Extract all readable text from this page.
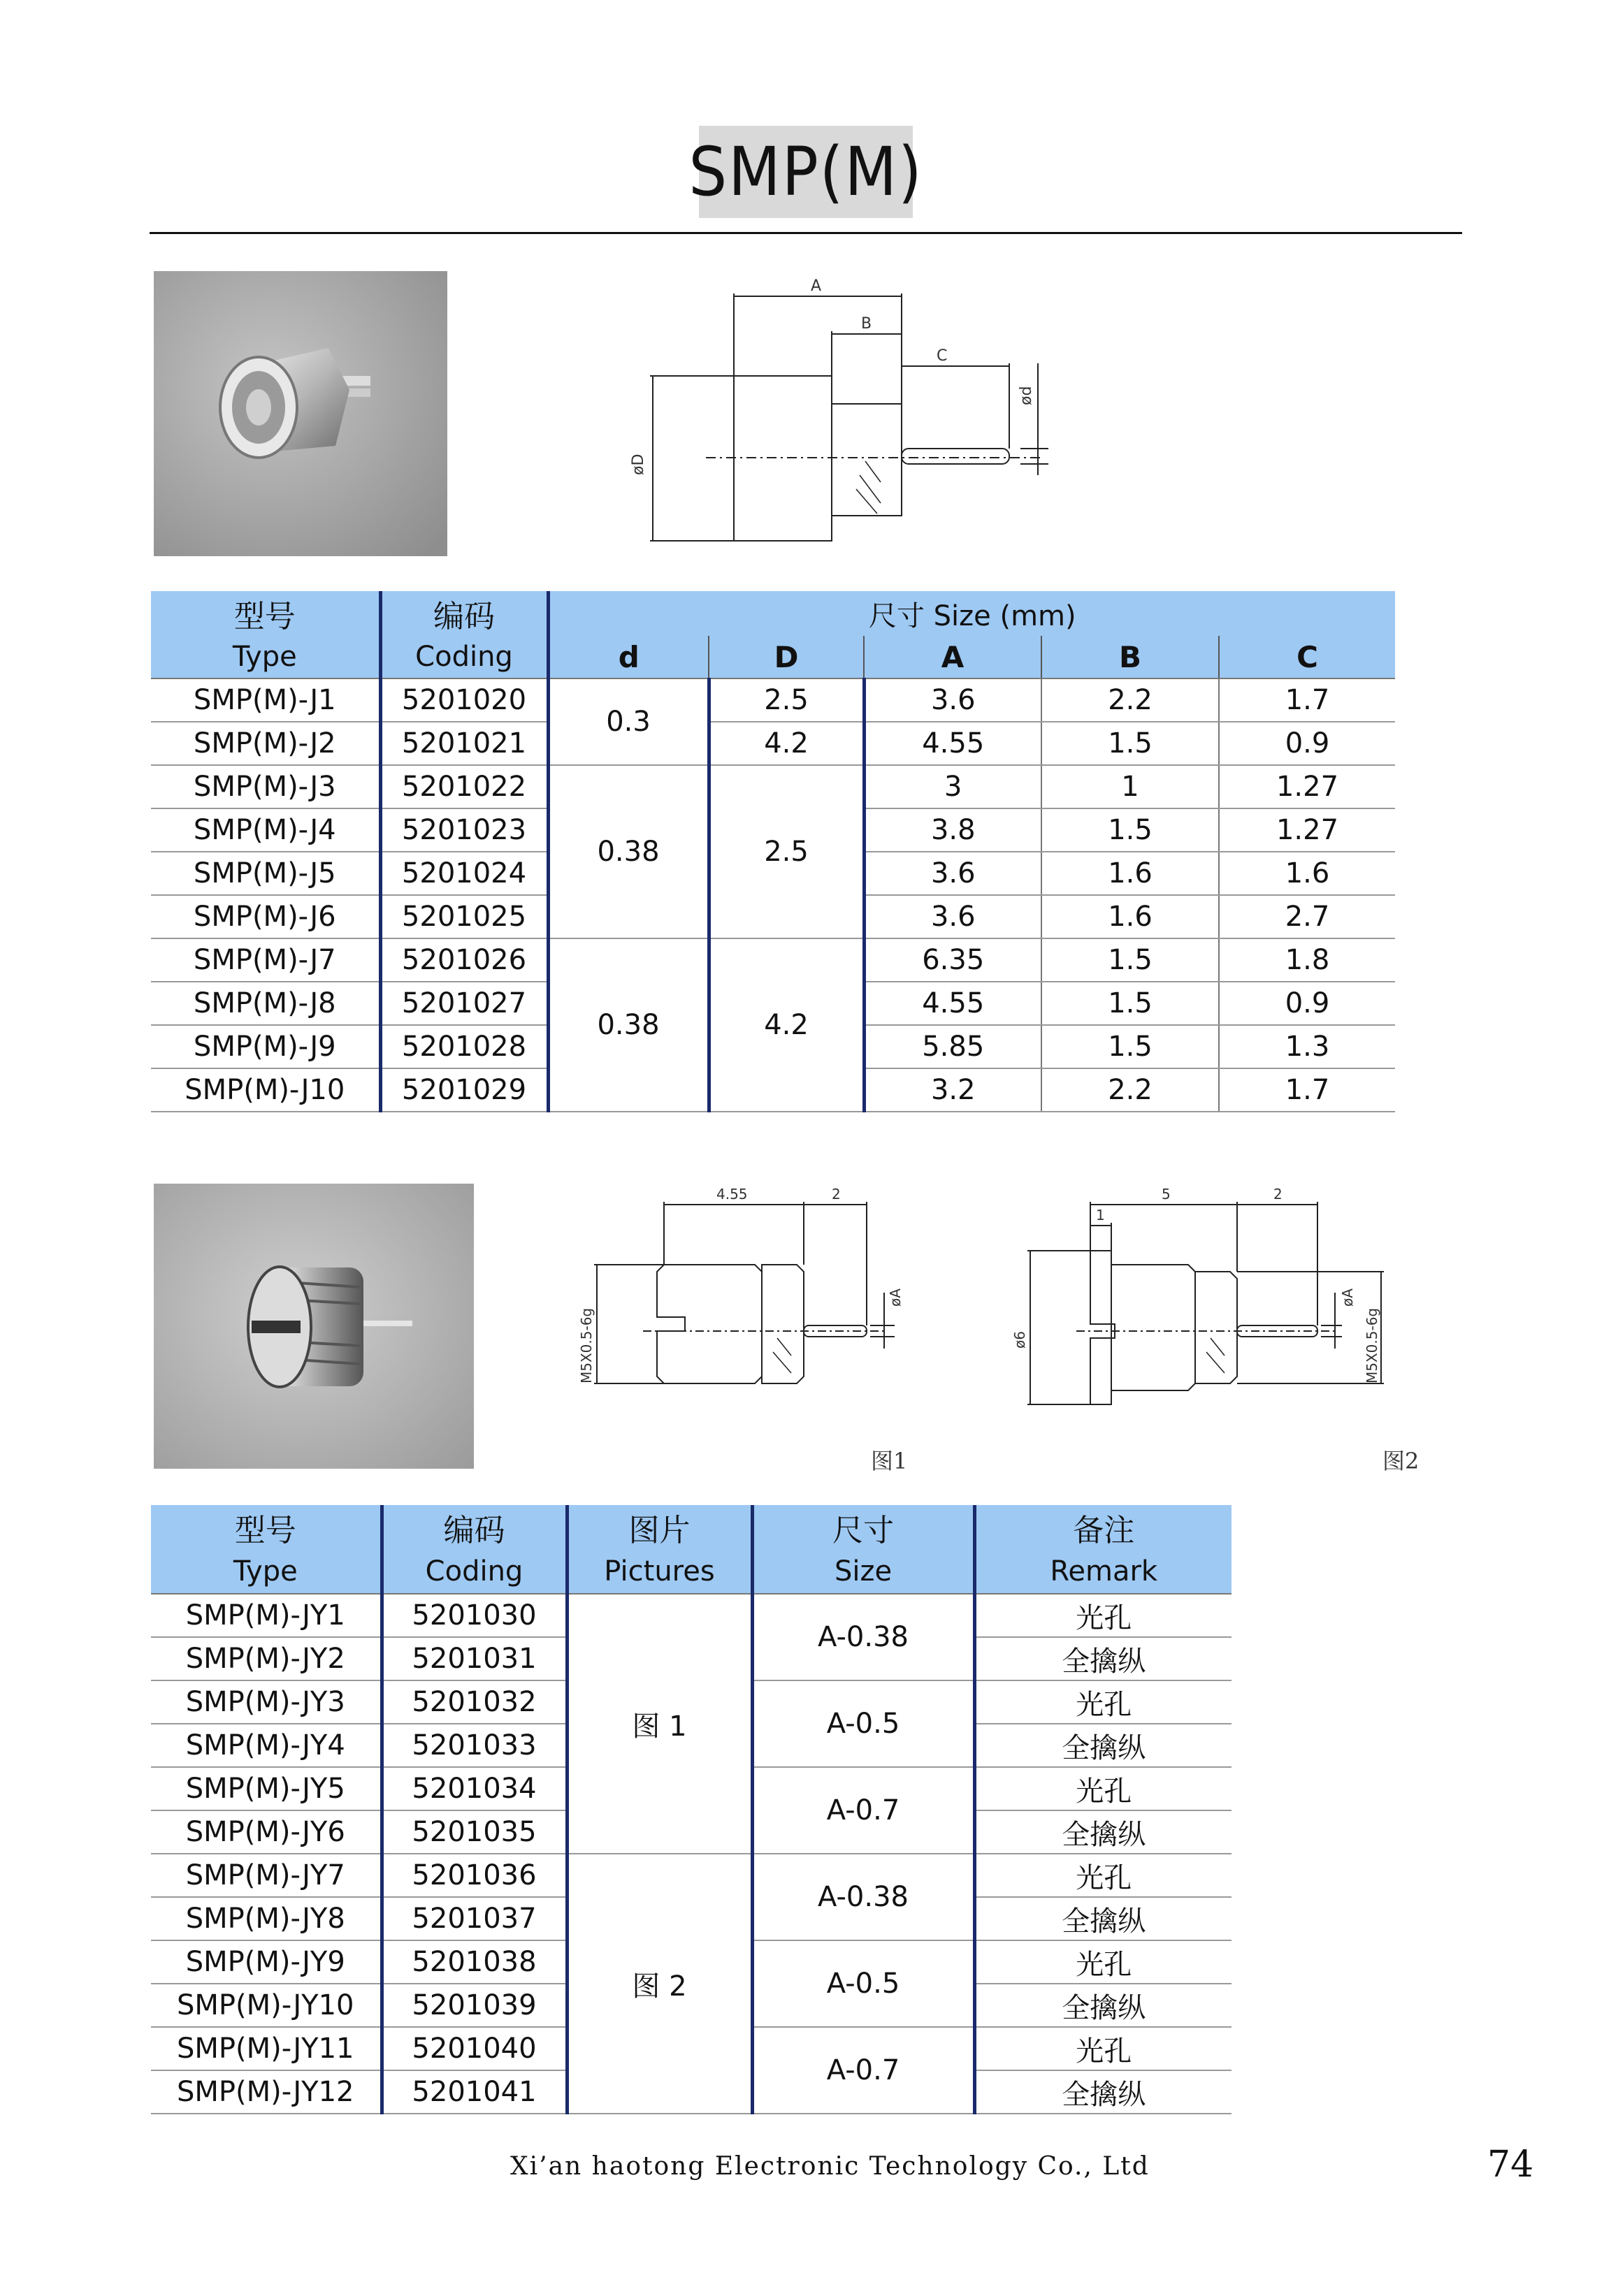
SMP(M)
A
B
C
ød
øD
型号	编码	尺寸 Size (mm)				
Type	Coding	d	D	A	B	C
SMP(M)-J1	5201020	0.3	2.5	3.6	2.2	1.7
SMP(M)-J2	5201021		4.2	4.55	1.5	0.9
SMP(M)-J3	5201022	0.38	2.5	3	1	1.27
SMP(M)-J4	5201023			3.8	1.5	1.27
SMP(M)-J5	5201024			3.6	1.6	1.6
SMP(M)-J6	5201025			3.6	1.6	2.7
SMP(M)-J7	5201026	0.38	4.2	6.35	1.5	1.8
SMP(M)-J8	5201027			4.55	1.5	0.9
SMP(M)-J9	5201028			5.85	1.5	1.3
SMP(M)-J10	5201029			3.2	2.2	1.7
4.55	2
M5X0.5-6g
øA
图1
5	2
1
ø6	M5X0.5-6g
øA
图2
型号	编码	图片	尺寸	备注
Type	Coding	Pictures	Size	Remark
SMP(M)-JY1	5201030	图 1	A-0.38	光孔
SMP(M)-JY2	5201031			全擒纵
SMP(M)-JY3	5201032		A-0.5	光孔
SMP(M)-JY4	5201033			全擒纵
SMP(M)-JY5	5201034		A-0.7	光孔
SMP(M)-JY6	5201035			全擒纵
SMP(M)-JY7	5201036	图 2	A-0.38	光孔
SMP(M)-JY8	5201037			全擒纵
SMP(M)-JY9	5201038		A-0.5	光孔
SMP(M)-JY10	5201039			全擒纵
SMP(M)-JY11	5201040		A-0.7	光孔
SMP(M)-JY12	5201041			全擒纵
Xi’an haotong Electronic Technology Co., Ltd	74
